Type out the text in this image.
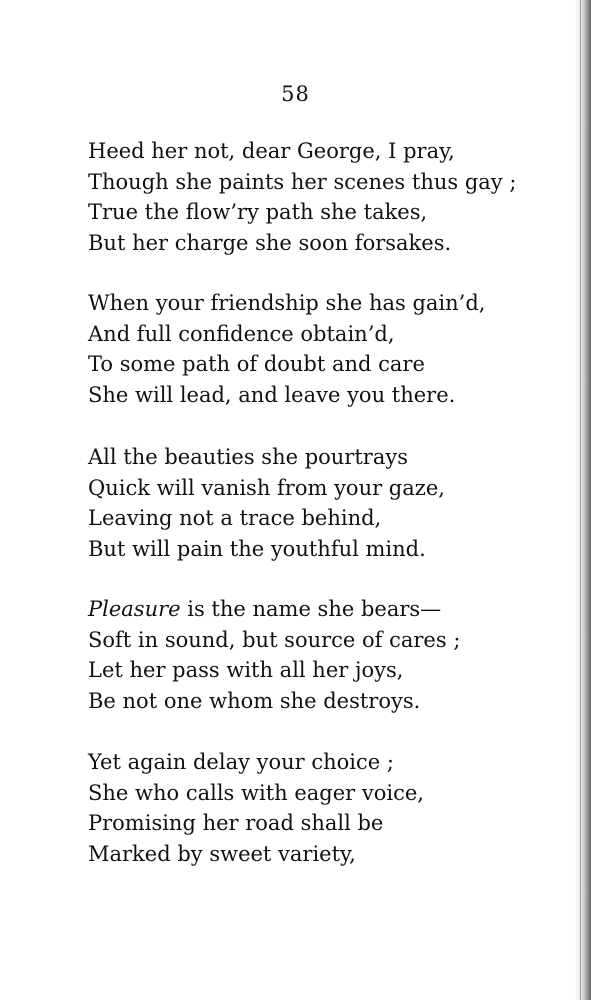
58
Heed her not, dear George, I pray,
Though she paints her scenes thus gay ;
True the flow’ry path she takes,
But her charge she soon forsakes.
When your friendship she has gain’d,
And full confidence obtain’d,
To some path of doubt and care
She will lead, and leave you there.
All the beauties she pourtrays
Quick will vanish from your gaze,
Leaving not a trace behind,
But will pain the youthful mind.
Pleasure is the name she bears—
Soft in sound, but source of cares ;
Let her pass with all her joys,
Be not one whom she destroys.
Yet again delay your choice ;
She who calls with eager voice,
Promising her road shall be
Marked by sweet variety,
